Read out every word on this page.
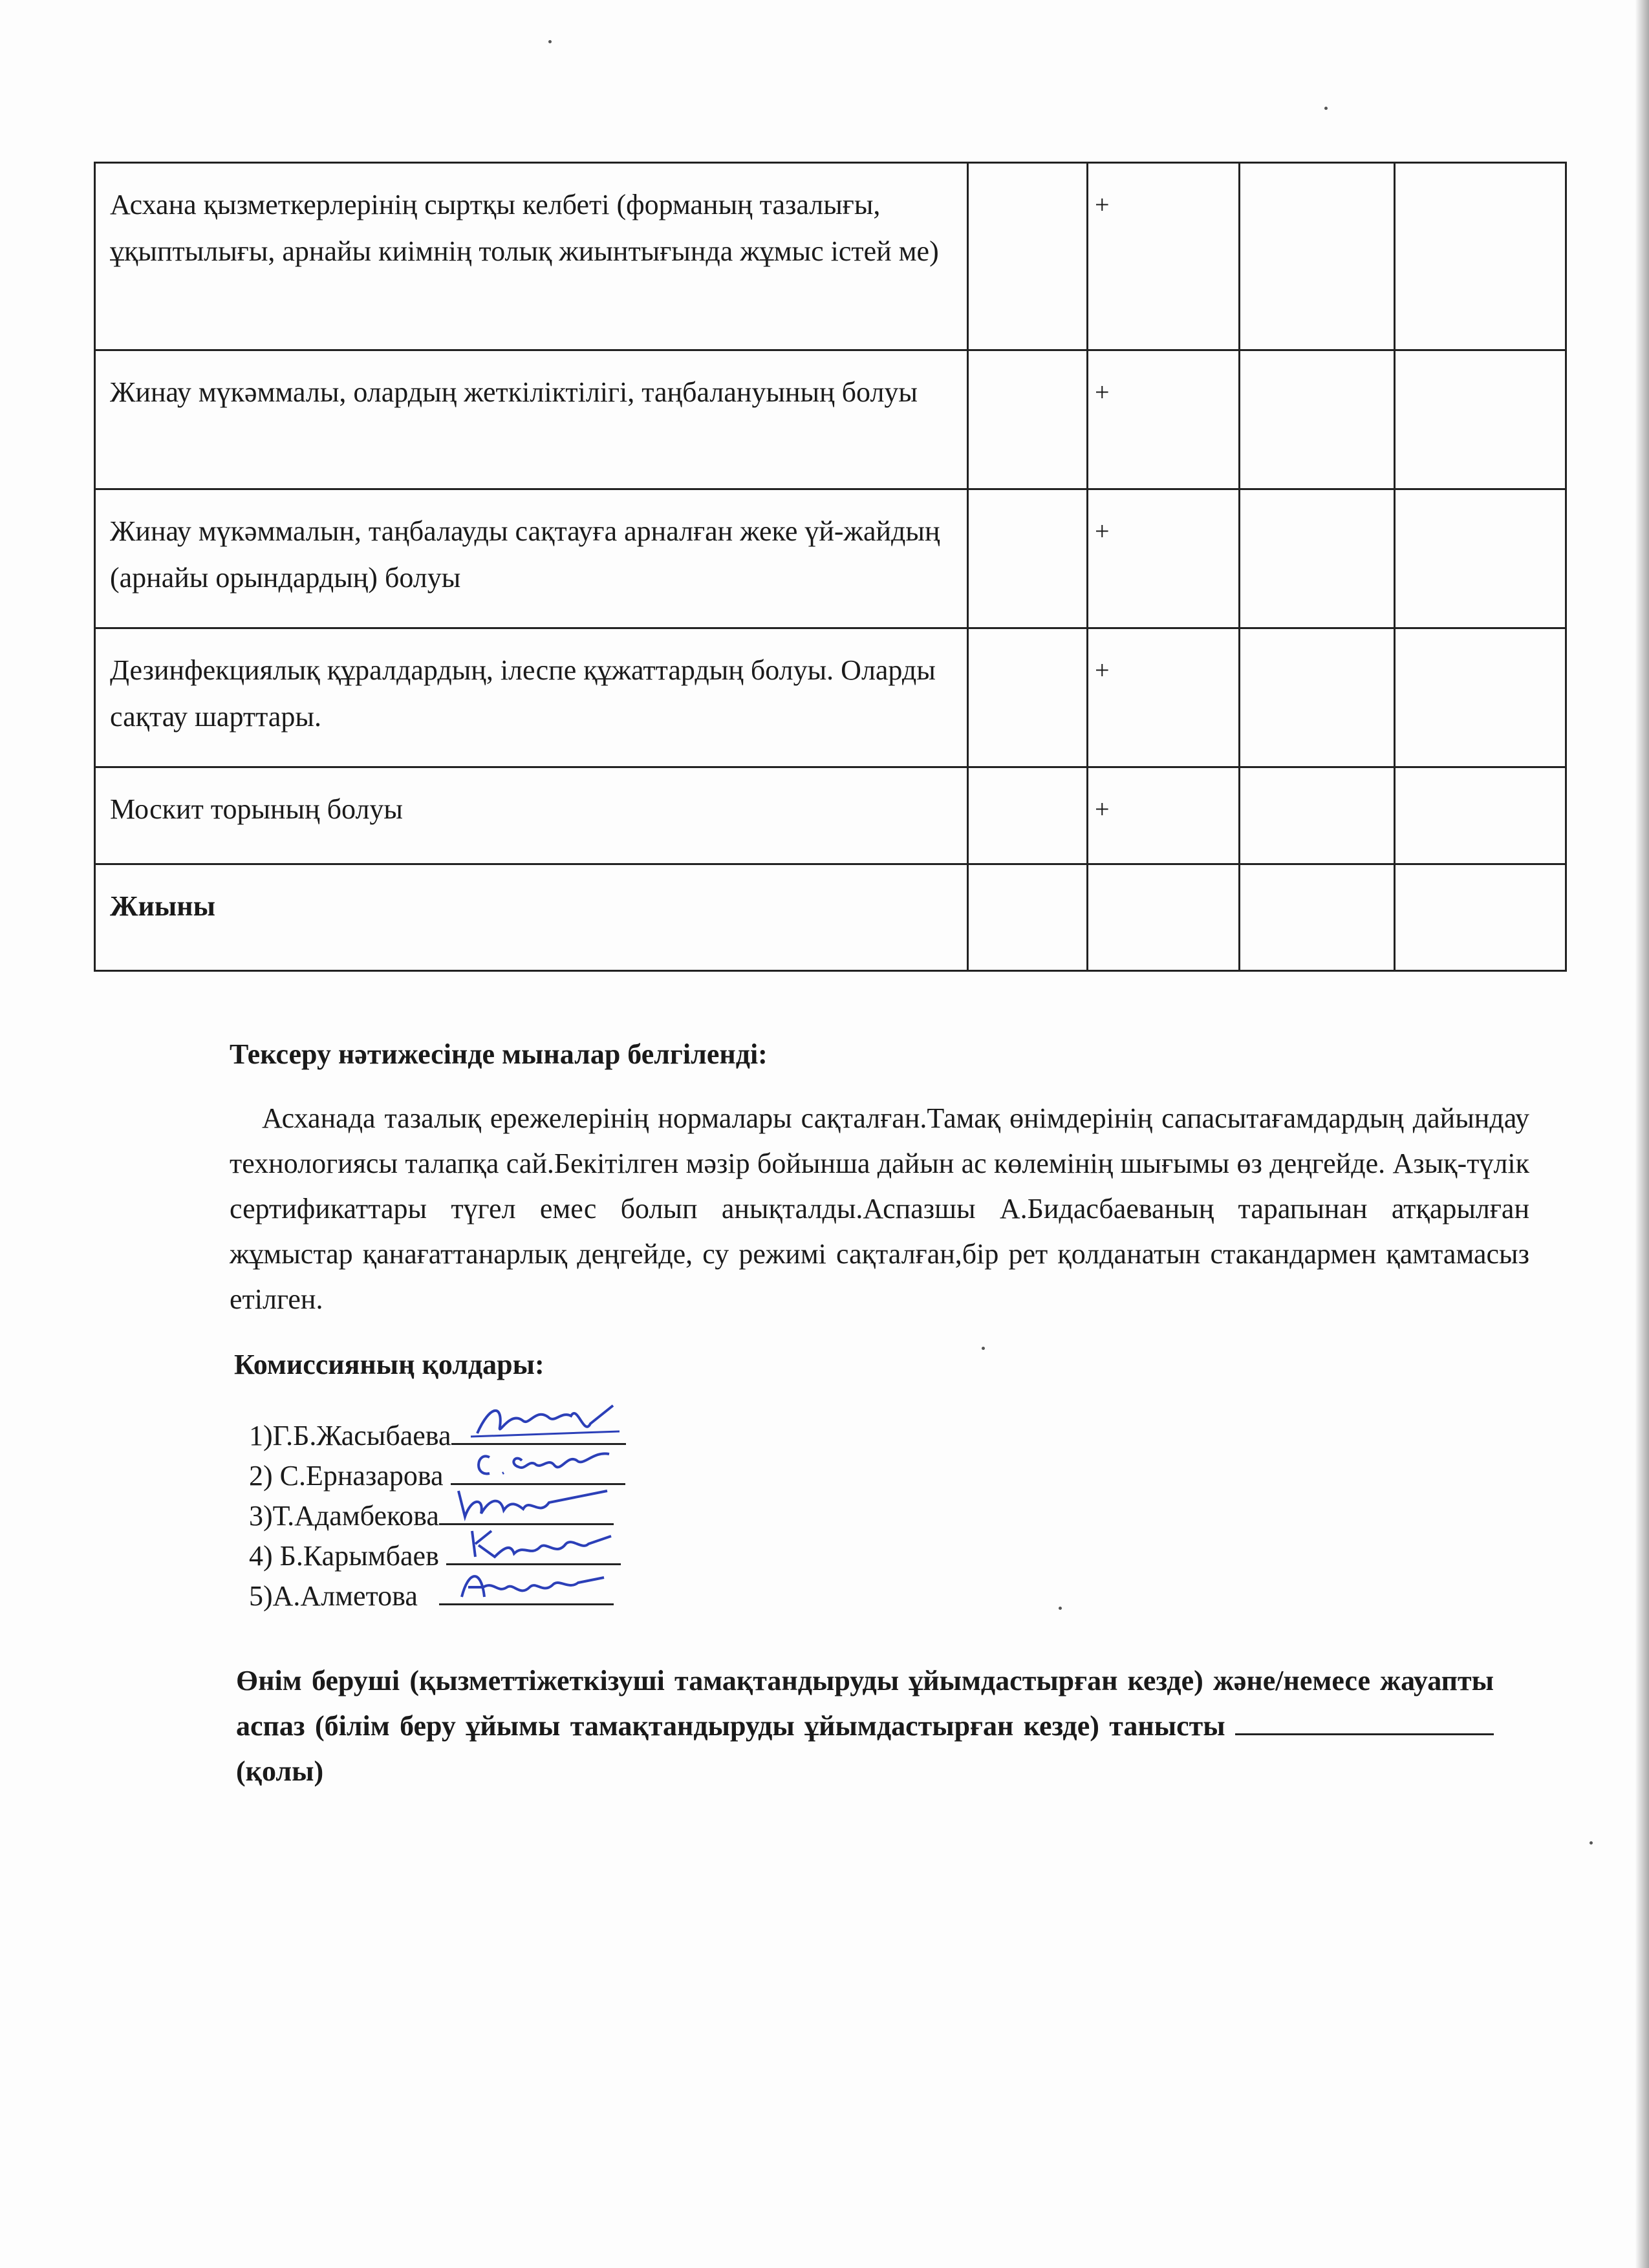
Асхана қызметкерлерінің сыртқы келбеті (форманың тазалығы, ұқыптылығы, арнайы киімнің толық жиынтығында жұмыс істей ме)		+		
Жинау мүкәммалы, олардың жеткіліктілігі, таңбалануының болуы		+		
Жинау мүкәммалын, таңбалауды сақтауға арналған жеке үй-жайдың (арнайы орындардың) болуы		+		
Дезинфекциялық құралдардың, ілеспе құжаттардың болуы. Оларды сақтау шарттары.		+		
Москит торының болуы		+		
Жиыны				
Тексеру нәтижесінде мыналар белгіленді:
Асханада тазалық ережелерінің нормалары сақталған.Тамақ өнімдерінің сапасытағамдардың дайындау технологиясы талапқа сай.Бекітілген мәзір бойынша дайын ас көлемінің шығымы өз деңгейде. Азық-түлік сертификаттары түгел емес болып анықталды.Аспазшы А.Бидасбаеваның тарапынан атқарылған жұмыстар қанағаттанарлық деңгейде, су режимі сақталған,бір рет қолданатын стакандармен қамтамасыз етілген.
Комиссияның қолдары:
1)Г.Б.Жасыбаева
2) С.Ерназарова
3)Т.Адамбекова
4) Б.Карымбаев
5)А.Алметова
Өнім беруші (қызметтіжеткізуші тамақтандыруды ұйымдастырған кезде) және/немесе жауапты аспаз (білім беру ұйымы тамақтандыруды ұйымдастырған кезде) танысты  (қолы)
